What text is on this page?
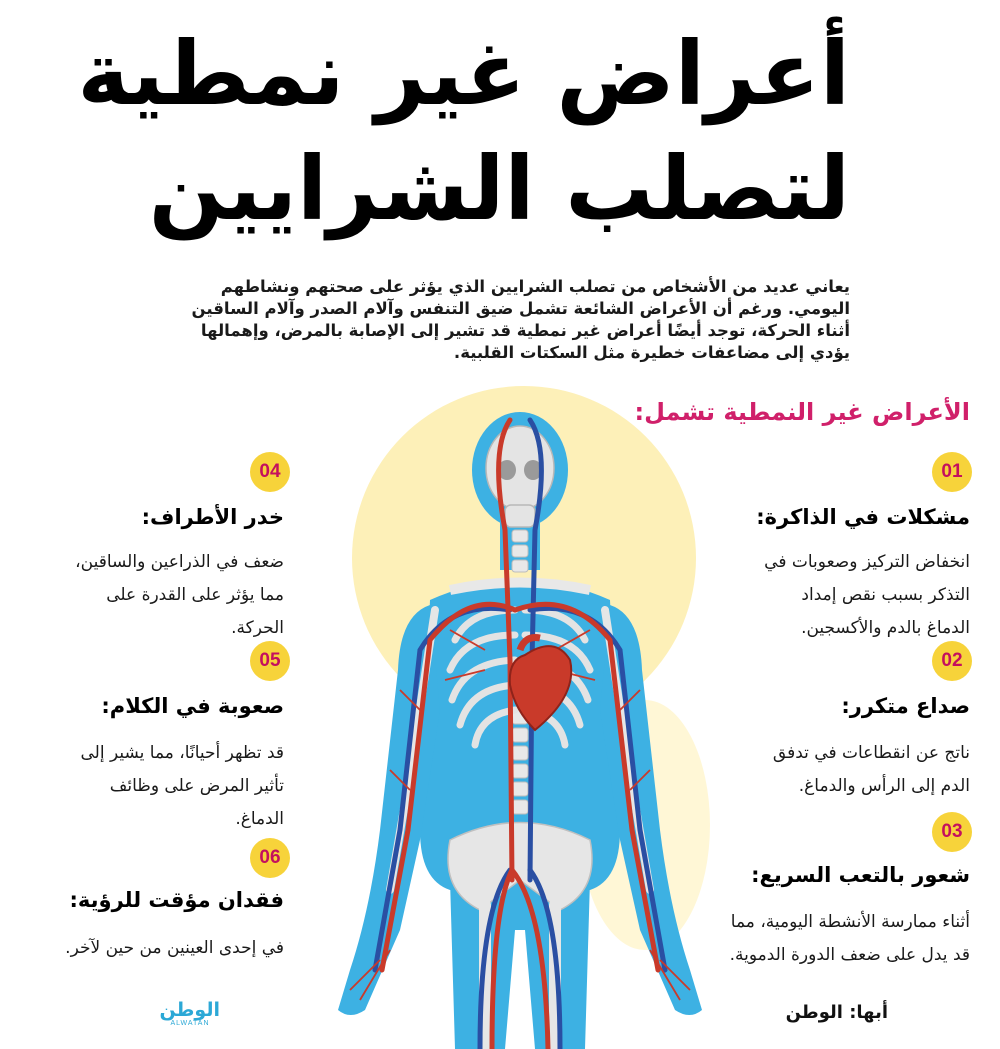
أعراض غير نمطية
لتصلب الشرايين
يعاني عديد من الأشخاص من تصلب الشرايين الذي يؤثر على صحتهم ونشاطهم اليومي. ورغم أن الأعراض الشائعة تشمل ضيق التنفس وآلام الصدر وآلام الساقين أثناء الحركة، توجد أيضًا أعراض غير نمطية قد تشير إلى الإصابة بالمرض، وإهمالها يؤدي إلى مضاعفات خطيرة مثل السكتات القلبية.
الأعراض غير النمطية تشمل:
01
مشكلات في الذاكرة:
انخفاض التركيز وصعوبات في
التذكر بسبب نقص إمداد
الدماغ بالدم والأكسجين.
02
صداع متكرر:
ناتج عن انقطاعات في تدفق
الدم إلى الرأس والدماغ.
03
شعور بالتعب السريع:
أثناء ممارسة الأنشطة اليومية، مما
قد يدل على ضعف الدورة الدموية.
04
خدر الأطراف:
ضعف في الذراعين والساقين،
مما يؤثر على القدرة على
الحركة.
05
صعوبة في الكلام:
قد تظهر أحيانًا، مما يشير إلى
تأثير المرض على وظائف
الدماغ.
06
فقدان مؤقت للرؤية:
في إحدى العينين من حين لآخر.
أبها: الوطن
الوطن
ALWATAN
